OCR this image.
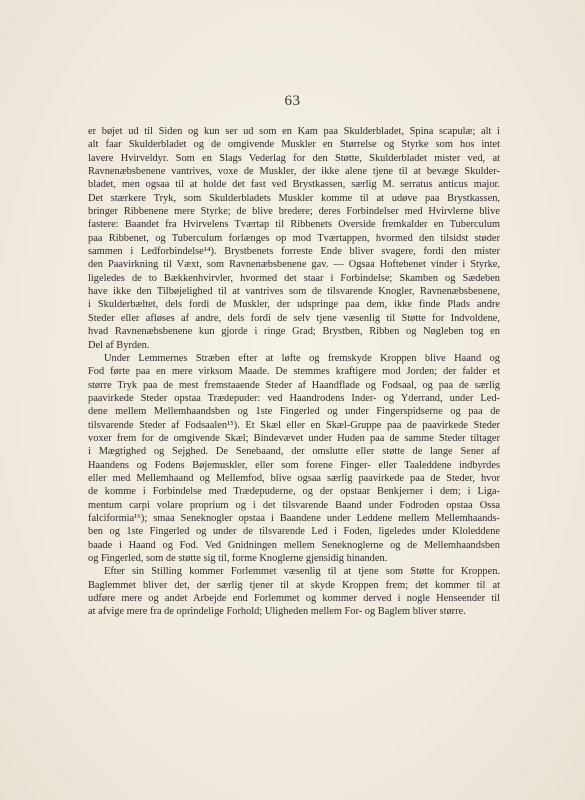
63
er bøjet ud til Siden og kun ser ud som en Kam paa Skulderbladet, Spina scapulæ; alt i
alt faar Skulderbladet og de omgivende Muskler en Størrelse og Styrke som hos intet
lavere Hvirveldyr. Som en Slags Vederlag for den Støtte, Skulderbladet mister ved, at
Ravnenæbsbenene vantrives, voxe de Muskler, der ikke alene tjene til at bevæge Skulder-
bladet, men ogsaa til at holde det fast ved Brystkassen, særlig M. serratus anticus major.
Det stærkere Tryk, som Skulderbladets Muskler komme til at udøve paa Brystkassen,
bringer Ribbenene mere Styrke; de blive bredere; deres Forbindelser med Hvirvlerne blive
fastere: Baandet fra Hvirvelens Tværtap til Ribbenets Overside fremkalder en Tuberculum
paa Ribbenet, og Tuberculum forlænges op mod Tværtappen, hvormed den tilsidst støder
sammen i Ledforbindelse¹⁴). Brystbenets forreste Ende bliver svagere, fordi den mister
den Paavirkning til Væxt, som Ravnenæbsbenene gav. — Ogsaa Hoftebenet vinder i Styrke,
ligeledes de to Bækkenhvirvler, hvormed det staar i Forbindelse; Skamben og Sædeben
have ikke den Tilbøjelighed til at vantrives som de tilsvarende Knogler, Ravnenæbsbenene,
i Skulderbæltet, dels fordi de Muskler, der udspringe paa dem, ikke finde Plads andre
Steder eller afløses af andre, dels fordi de selv tjene væsenlig til Støtte for Indvoldene,
hvad Ravnenæbsbenene kun gjorde i ringe Grad; Brystben, Ribben og Nøgleben tog en
Del af Byrden.
Under Lemmernes Stræben efter at løfte og fremskyde Kroppen blive Haand og
Fod førte paa en mere virksom Maade. De stemmes kraftigere mod Jorden; der falder et
større Tryk paa de mest fremstaaende Steder af Haandflade og Fodsaal, og paa de særlig
paavirkede Steder opstaa Trædepuder: ved Haandrodens Inder- og Yderrand, under Led-
dene mellem Mellemhaandsben og 1ste Fingerled og under Fingerspidserne og paa de
tilsvarende Steder af Fodsaalen¹⁵). Et Skæl eller en Skæl-Gruppe paa de paavirkede Steder
voxer frem for de omgivende Skæl; Bindevævet under Huden paa de samme Steder tiltager
i Mægtighed og Sejghed. De Senebaand, der omslutte eller støtte de lange Sener af
Haandens og Fodens Bøjemuskler, eller som forene Finger- eller Taaleddene indbyrdes
eller med Mellemhaand og Mellemfod, blive ogsaa særlig paavirkede paa de Steder, hvor
de komme i Forbindelse med Trædepuderne, og der opstaar Benkjerner i dem; i Liga-
mentum carpi volare proprium og i det tilsvarende Baand under Fodroden opstaa Ossa
falciformia¹⁶); smaa Seneknogler opstaa i Baandene under Leddene mellem Mellemhaands-
ben og 1ste Fingerled og under de tilsvarende Led i Foden, ligeledes under Kloleddene
baade i Haand og Fod. Ved Gnidningen mellem Seneknoglerne og de Mellemhaandsben
og Fingerled, som de støtte sig til, forme Knoglerne gjensidig hinanden.
Efter sin Stilling kommer Forlemmet væsenlig til at tjene som Støtte for Kroppen.
Baglemmet bliver det, der særlig tjener til at skyde Kroppen frem; det kommer til at
udføre mere og andet Arbejde end Forlemmet og kommer derved i nogle Henseender til
at afvige mere fra de oprindelige Forhold; Uligheden mellem For- og Baglem bliver større.
